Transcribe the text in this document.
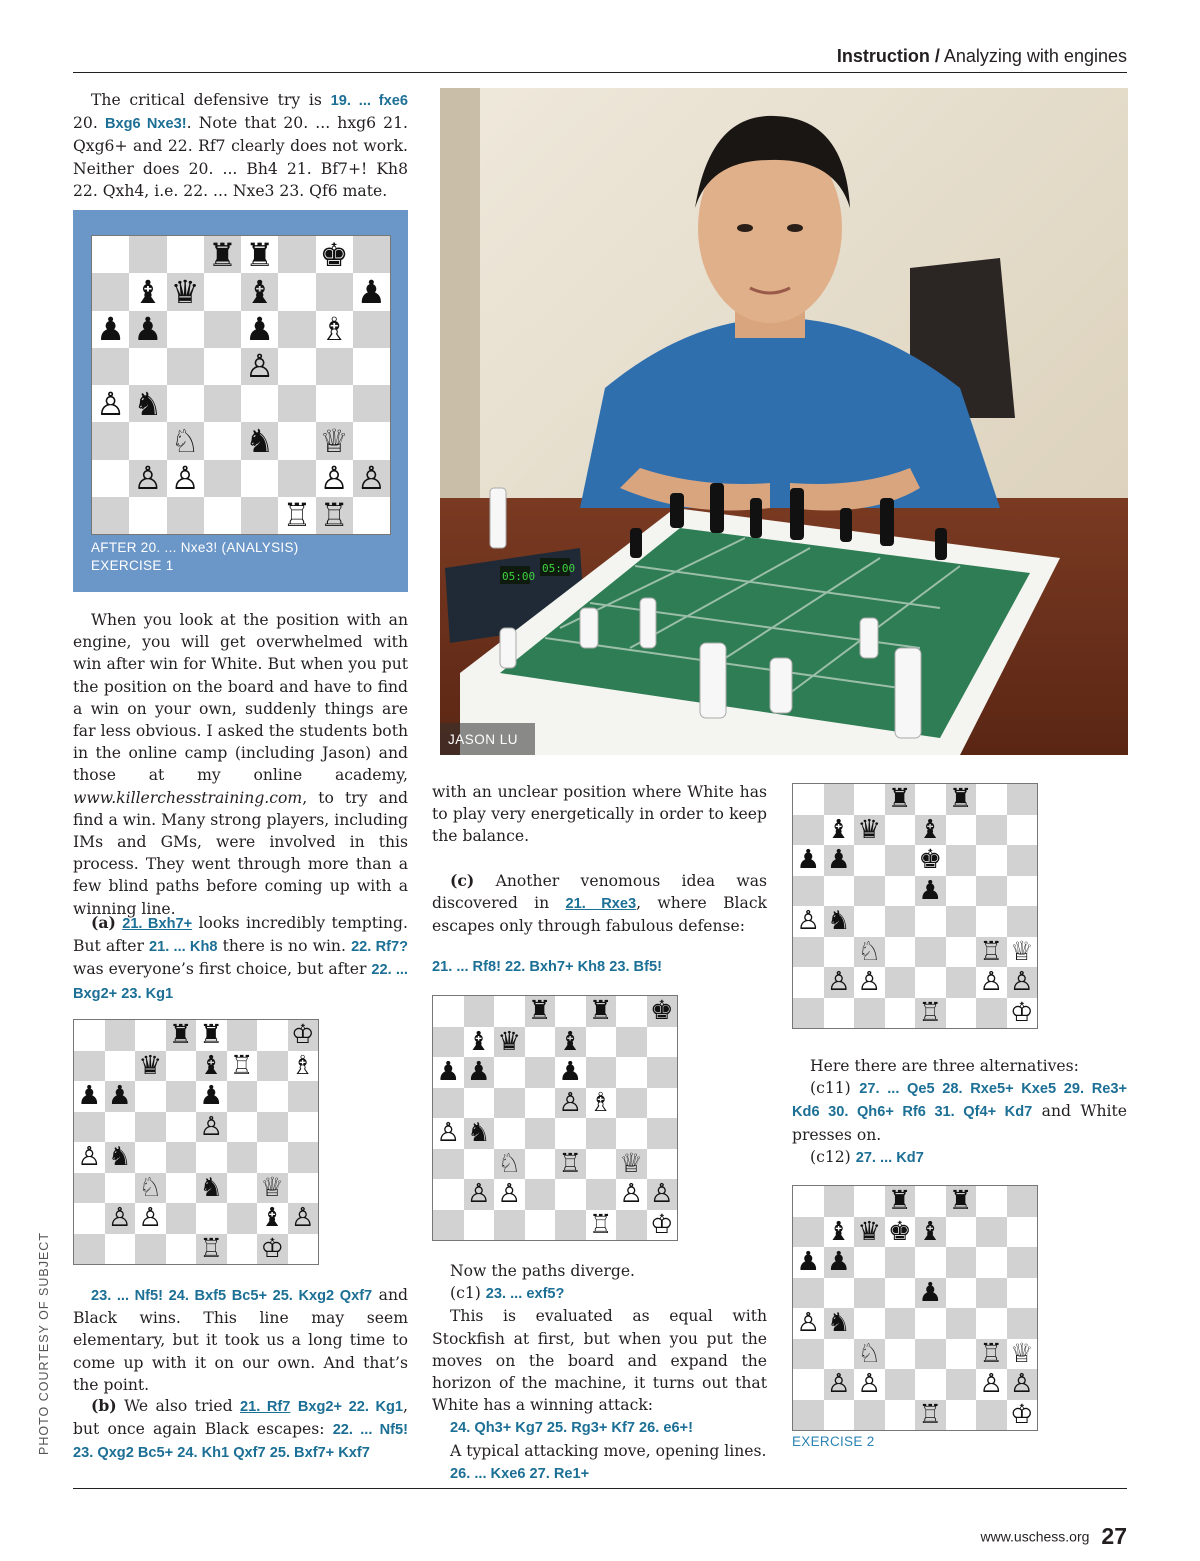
Instruction / Analyzing with engines

The critical defensive try is 19. ... fxe6 20. Bxg6 Nxe3!. Note that 20. ... hxg6 21. Qxg6+ and 22. Rf7 clearly does not work. Neither does 20. ... Bh4 21. Bf7+! Kh8 22. Qxh4, i.e. 22. ... Nxe3 23. Qf6 mate.

♜ ♜ ♚
♝ ♛ ♝	♟
♟ ♟	♟ ♗
♙
♙ ♞
♘ ♞ ♕
♙ ♙	♙ ♙
♖ ♖
AFTER 20. ... Nxe3! (ANALYSIS)
EXERCISE 1

When you look at the position with an engine, you will get overwhelmed with win after win for White. But when you put the position on the board and have to find a win on your own, suddenly things are far less obvious. I asked the students both in the online camp (including Jason) and those at my online academy, www.killerchesstraining.com, to try and find a win. Many strong players, including IMs and GMs, were involved in this process. They went through more than a few blind paths before coming up with a winning line.

(a) 21. Bxh7+ looks incredibly tempting. But after 21. ... Kh8 there is no win. 22. Rf7? was everyone’s first choice, but after 22. ... Bxg2+ 23. Kg1

♜ ♜	♔
♛ ♝ ♖ ♗
♟ ♟	♟
♙
♙ ♞
♘ ♞ ♕
♙ ♙	♝ ♙
♖ ♔

23. ... Nf5! 24. Bxf5 Bc5+ 25. Kxg2 Qxf7 and Black wins. This line may seem elementary, but it took us a long time to come up with it on our own. And that’s the point.

(b) We also tried 21. Rf7 Bxg2+ 22. Kg1, but once again Black escapes: 22. ... Nf5! 23. Qxg2 Bc5+ 24. Kh1 Qxf7 25. Bxf7+ Kxf7

05:00
05:00
JASON LU

with an unclear position where White has to play very energetically in order to keep the balance.

(c) Another venomous idea was discovered in 21. Rxe3, where Black escapes only through fabulous defense:

21. ... Rf8! 22. Bxh7+ Kh8 23. Bf5!

♜ ♜ ♚
♝ ♛ ♝
♟ ♟	♟
♙ ♗
♙ ♞
♘ ♖ ♕
♙ ♙	♙ ♙
♖ ♔

Now the paths diverge.

(c1) 23. ... exf5?

This is evaluated as equal with Stockfish at first, but when you put the moves on the board and expand the horizon of the machine, it turns out that White has a winning attack:

24. Qh3+ Kg7 25. Rg3+ Kf7 26. e6+!

A typical attacking move, opening lines.

26. ... Kxe6 27. Re1+

♜ ♜
♝ ♛ ♝
♟ ♟	♚
♟
♙ ♞
♘	♖ ♕
♙ ♙	♙ ♙
♖	♔

Here there are three alternatives:

(c11) 27. ... Qe5 28. Rxe5+ Kxe5 29. Re3+ Kd6 30. Qh6+ Rf6 31. Qf4+ Kd7 and White presses on.

(c12) 27. ... Kd7

♜ ♜
♝ ♛ ♚ ♝
♟ ♟
♟
♙ ♞
♘	♖ ♕
♙ ♙	♙ ♙
♖	♔
EXERCISE 2
PHOTO COURTESY OF SUBJECT
www.uschess.org 27
